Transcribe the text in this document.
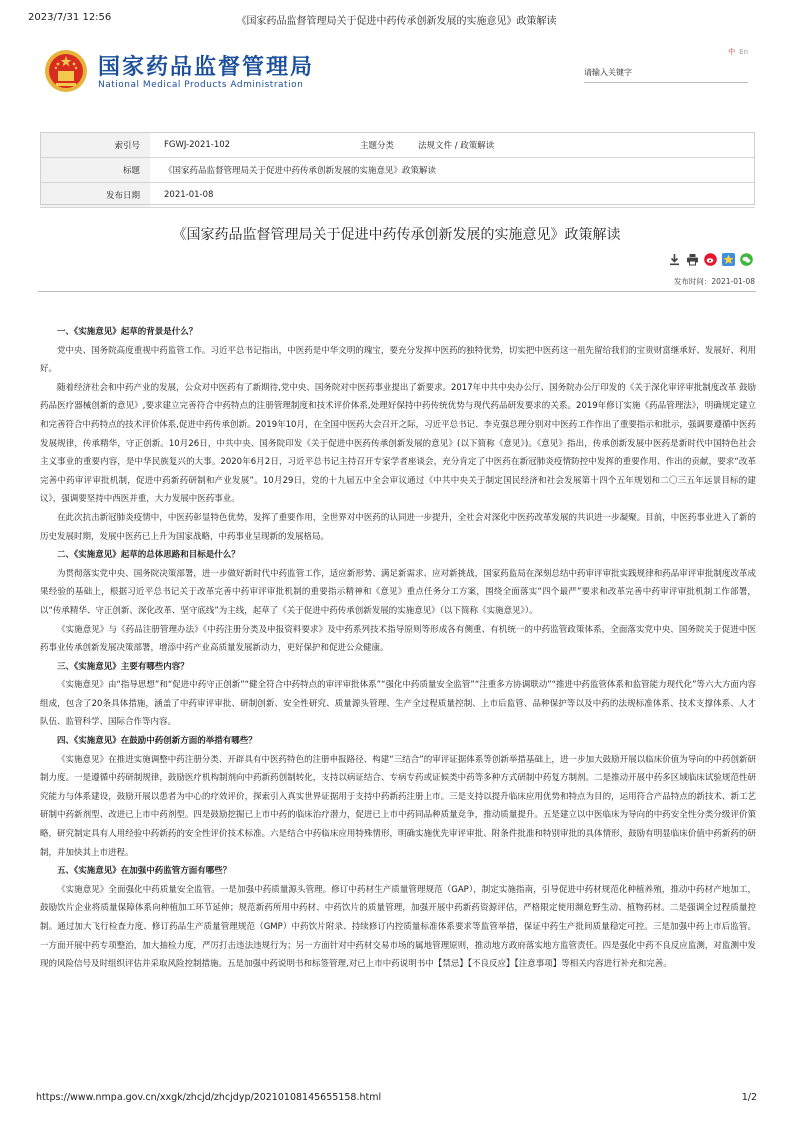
2023/7/31 12:56	《国家药品监督管理局关于促进中药传承创新发展的实施意见》政策解读
国家药品监督管理局
National Medical Products Administration
中 En
请输入关键字
索引号	FGWJ-2021-102	主题分类	法规文件 / 政策解读
标题	《国家药品监督管理局关于促进中药传承创新发展的实施意见》政策解读		
发布日期	2021-01-08		
《国家药品监督管理局关于促进中药传承创新发展的实施意见》政策解读
发布时间：2021-01-08

一、《实施意见》起草的背景是什么？

党中央、国务院高度重视中药监管工作。习近平总书记指出，中医药是中华文明的瑰宝，要充分发挥中医药的独特优势，切实把中医药这一祖先留给我们的宝贵财富继承好、发展好、利用好。

随着经济社会和中药产业的发展，公众对中医药有了新期待,党中央、国务院对中医药事业提出了新要求。2017年中共中央办公厅、国务院办公厅印发的《关于深化审评审批制度改革 鼓励药品医疗器械创新的意见》,要求建立完善符合中药特点的注册管理制度和技术评价体系,处理好保持中药传统优势与现代药品研发要求的关系。2019年修订实施《药品管理法》，明确规定建立和完善符合中药特点的技术评价体系,促进中药传承创新。2019年10月，在全国中医药大会召开之际，习近平总书记、李克强总理分别对中医药工作作出了重要指示和批示，强调要遵循中医药发展规律，传承精华，守正创新。10月26日，中共中央、国务院印发《关于促进中医药传承创新发展的意见》(以下简称《意见》)。《意见》指出，传承创新发展中医药是新时代中国特色社会主义事业的重要内容，是中华民族复兴的大事。2020年6月2日，习近平总书记主持召开专家学者座谈会，充分肯定了中医药在新冠肺炎疫情防控中发挥的重要作用、作出的贡献，要求“改革完善中药审评审批机制，促进中药新药研制和产业发展”。10月29日，党的十九届五中全会审议通过《中共中央关于制定国民经济和社会发展第十四个五年规划和二〇三五年远景目标的建议》，强调要坚持中西医并重，大力发展中医药事业。

在此次抗击新冠肺炎疫情中，中医药彰显特色优势，发挥了重要作用，全世界对中医药的认同进一步提升，全社会对深化中医药改革发展的共识进一步凝聚。目前，中医药事业进入了新的历史发展时期，发展中医药已上升为国家战略，中药事业呈现新的发展格局。

二、《实施意见》起草的总体思路和目标是什么？

为贯彻落实党中央、国务院决策部署，进一步做好新时代中药监管工作，适应新形势、满足新需求、应对新挑战，国家药监局在深刻总结中药审评审批实践规律和药品审评审批制度改革成果经验的基础上，根据习近平总书记关于改革完善中药审评审批机制的重要指示精神和《意见》重点任务分工方案，围绕全面落实“四个最严”要求和改革完善中药审评审批机制工作部署，以“传承精华、守正创新、深化改革、坚守底线”为主线，起草了《关于促进中药传承创新发展的实施意见》（以下简称《实施意见》）。

《实施意见》与《药品注册管理办法》《中药注册分类及申报资料要求》及中药系列技术指导原则等形成各有侧重、有机统一的中药监管政策体系，全面落实党中央、国务院关于促进中医药事业传承创新发展决策部署，增添中药产业高质量发展新动力，更好保护和促进公众健康。

三、《实施意见》主要有哪些内容？

《实施意见》由“指导思想”和“促进中药守正创新”“健全符合中药特点的审评审批体系”“强化中药质量安全监管”“注重多方协调联动”“推进中药监管体系和监管能力现代化”等六大方面内容组成，包含了20条具体措施，涵盖了中药审评审批、研制创新、安全性研究、质量源头管理、生产全过程质量控制、上市后监管、品种保护等以及中药的法规标准体系、技术支撑体系、人才队伍、监管科学、国际合作等内容。

四、《实施意见》在鼓励中药创新方面的举措有哪些？

《实施意见》在推进实施调整中药注册分类、开辟具有中医药特色的注册申报路径、构建“三结合”的审评证据体系等创新举措基础上，进一步加大鼓励开展以临床价值为导向的中药创新研制力度。一是遵循中药研制规律，鼓励医疗机构制剂向中药新药创制转化，支持以病证结合、专病专药或证候类中药等多种方式研制中药复方制剂。二是推动开展中药多区域临床试验规范性研究能力与体系建设，鼓励开展以患者为中心的疗效评价，探索引入真实世界证据用于支持中药新药注册上市。三是支持以提升临床应用优势和特点为目的，运用符合产品特点的新技术、新工艺研制中药新剂型、改进已上市中药剂型。四是鼓励挖掘已上市中药的临床治疗潜力，促进已上市中药同品种质量竞争，推动质量提升。五是建立以中医临床为导向的中药安全性分类分级评价策略，研究制定具有人用经验中药新药的安全性评价技术标准。六是结合中药临床应用特殊情形，明确实施优先审评审批、附条件批准和特别审批的具体情形，鼓励有明显临床价值中药新药的研制，并加快其上市进程。

五、《实施意见》在加强中药监管方面有哪些？

《实施意见》全面强化中药质量安全监管。一是加强中药质量源头管理。修订中药材生产质量管理规范（GAP），制定实施指南，引导促进中药材规范化种植养殖，推动中药材产地加工，鼓励饮片企业将质量保障体系向种植加工环节延伸；规范新药所用中药材、中药饮片的质量管理，加强开展中药新药资源评估，严格限定使用濒危野生动、植物药材。二是强调全过程质量控制。通过加大飞行检查力度、修订药品生产质量管理规范（GMP）中药饮片附录、持续修订内控质量标准体系要求等监管举措，保证中药生产批间质量稳定可控。三是加强中药上市后监管。一方面开展中药专项整治，加大抽检力度，严厉打击违法违规行为；另一方面针对中药材交易市场的属地管理原则，推动地方政府落实地方监管责任。四是强化中药不良反应监测，对监测中发现的风险信号及时组织评估并采取风险控制措施。五是加强中药说明书和标签管理,对已上市中药说明书中【禁忌】【不良反应】【注意事项】等相关内容进行补充和完善。

https://www.nmpa.gov.cn/xxgk/zhcjd/zhcjdyp/20210108145655158.html	1/2
